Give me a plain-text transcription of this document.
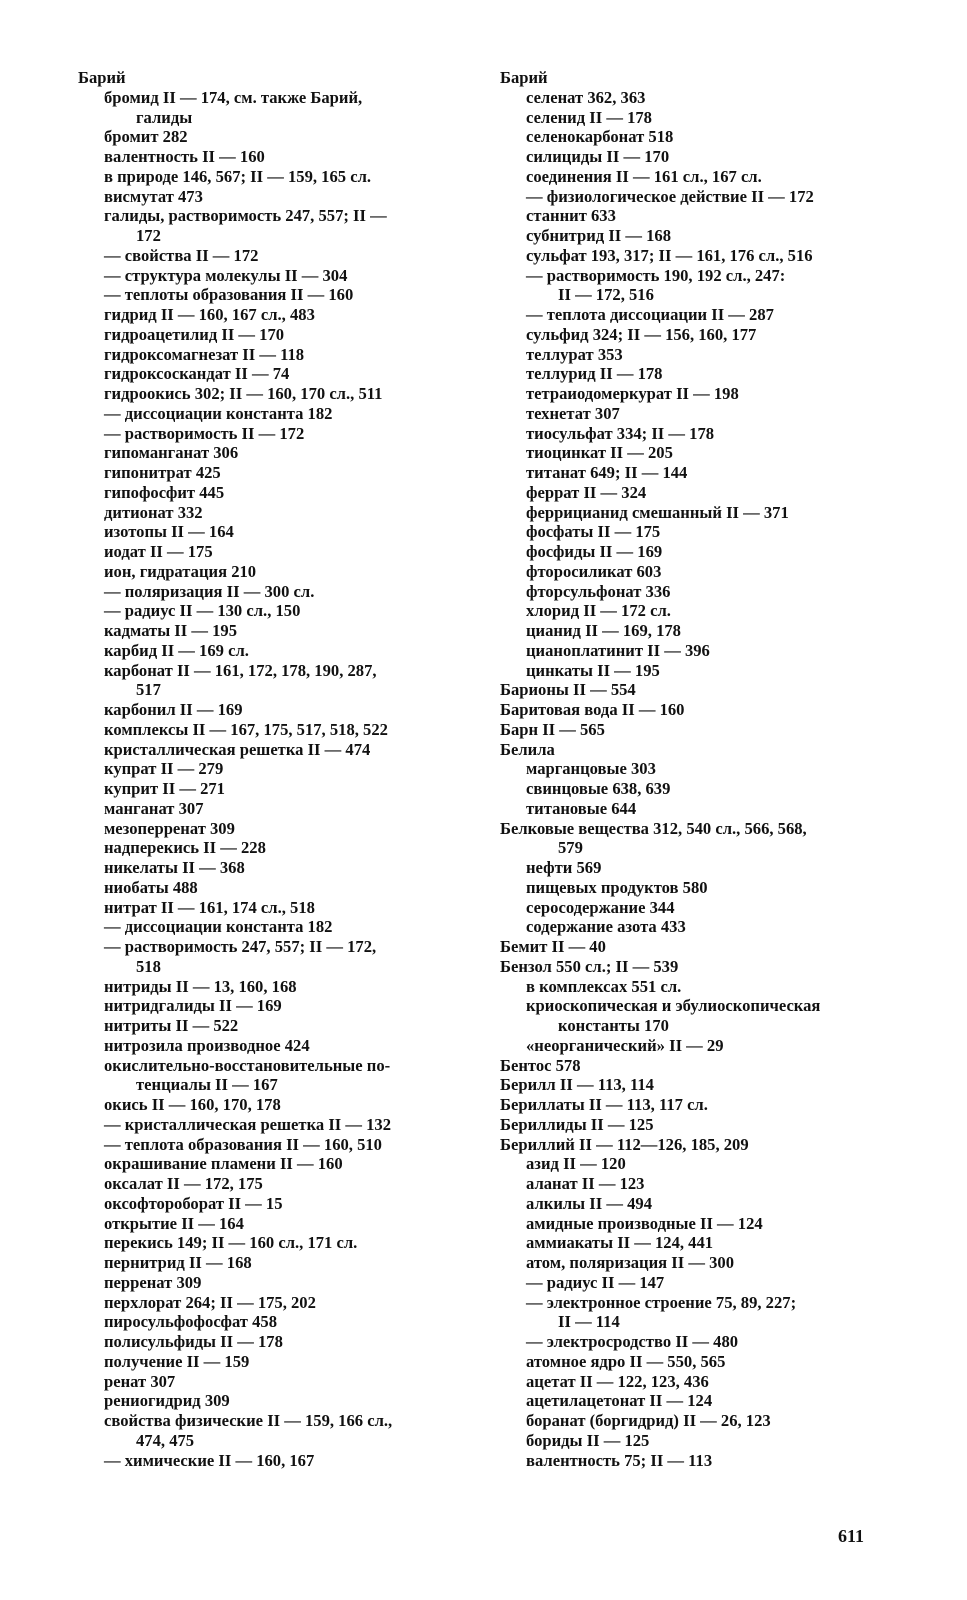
Барий
бромид II — 174, см. также Барий,
галиды
бромит 282
валентность II — 160
в природе 146, 567; II — 159, 165 сл.
висмутат 473
галиды, растворимость 247, 557; II —
172
— свойства II — 172
— структура молекулы II — 304
— теплоты образования II — 160
гидрид II — 160, 167 сл., 483
гидроацетилид II — 170
гидроксомагнезат II — 118
гидроксоскандат II — 74
гидроокись 302; II — 160, 170 сл., 511
— диссоциации константа 182
— растворимость II — 172
гипоманганат 306
гипонитрат 425
гипофосфит 445
дитионат 332
изотопы II — 164
иодат II — 175
ион, гидратация 210
— поляризация II — 300 сл.
— радиус II — 130 сл., 150
кадматы II — 195
карбид II — 169 сл.
карбонат II — 161, 172, 178, 190, 287,
517
карбонил II — 169
комплексы II — 167, 175, 517, 518, 522
кристаллическая решетка II — 474
купрат II — 279
куприт II — 271
манганат 307
мезоперренат 309
надперекись II — 228
никелаты II — 368
ниобаты 488
нитрат II — 161, 174 сл., 518
— диссоциации константа 182
— растворимость 247, 557; II — 172,
518
нитриды II — 13, 160, 168
нитридгалиды II — 169
нитриты II — 522
нитрозила производное 424
окислительно-восстановительные по-
тенциалы II — 167
окись II — 160, 170, 178
— кристаллическая решетка II — 132
— теплота образования II — 160, 510
окрашивание пламени II — 160
оксалат II — 172, 175
оксофтороборат II — 15
открытие II — 164
перекись 149; II — 160 сл., 171 сл.
пернитрид II — 168
перренат 309
перхлорат 264; II — 175, 202
пиросульфофосфат 458
полисульфиды II — 178
получение II — 159
ренат 307
рениогидрид 309
свойства физические II — 159, 166 сл.,
474, 475
— химические II — 160, 167
Барий
селенат 362, 363
селенид II — 178
селенокарбонат 518
силициды II — 170
соединения II — 161 сл., 167 сл.
— физиологическое действие II — 172
станнит 633
субнитрид II — 168
сульфат 193, 317; II — 161, 176 сл., 516
— растворимость 190, 192 сл., 247:
II — 172, 516
— теплота диссоциации II — 287
сульфид 324; II — 156, 160, 177
теллурат 353
теллурид II — 178
тетраиодомеркурат II — 198
технетат 307
тиосульфат 334; II — 178
тиоцинкат II — 205
титанат 649; II — 144
феррат II — 324
феррицианид смешанный II — 371
фосфаты II — 175
фосфиды II — 169
фторосиликат 603
фторсульфонат 336
хлорид II — 172 сл.
цианид II — 169, 178
цианоплатинит II — 396
цинкаты II — 195
Барионы II — 554
Баритовая вода II — 160
Барн II — 565
Белила
марганцовые 303
свинцовые 638, 639
титановые 644
Белковые вещества 312, 540 сл., 566, 568,
579
нефти 569
пищевых продуктов 580
серосодержание 344
содержание азота 433
Бемит II — 40
Бензол 550 сл.; II — 539
в комплексах 551 сл.
криоскопическая и эбулиоскопическая
константы 170
«неорганический» II — 29
Бентос 578
Берилл II — 113, 114
Бериллаты II — 113, 117 сл.
Бериллиды II — 125
Бериллий II — 112—126, 185, 209
азид II — 120
аланат II — 123
алкилы II — 494
амидные производные II — 124
аммиакаты II — 124, 441
атом, поляризация II — 300
— радиус II — 147
— электронное строение 75, 89, 227;
II — 114
— электросродство II — 480
атомное ядро II — 550, 565
ацетат II — 122, 123, 436
ацетилацетонат II — 124
боранат (боргидрид) II — 26, 123
бориды II — 125
валентность 75; II — 113
611
